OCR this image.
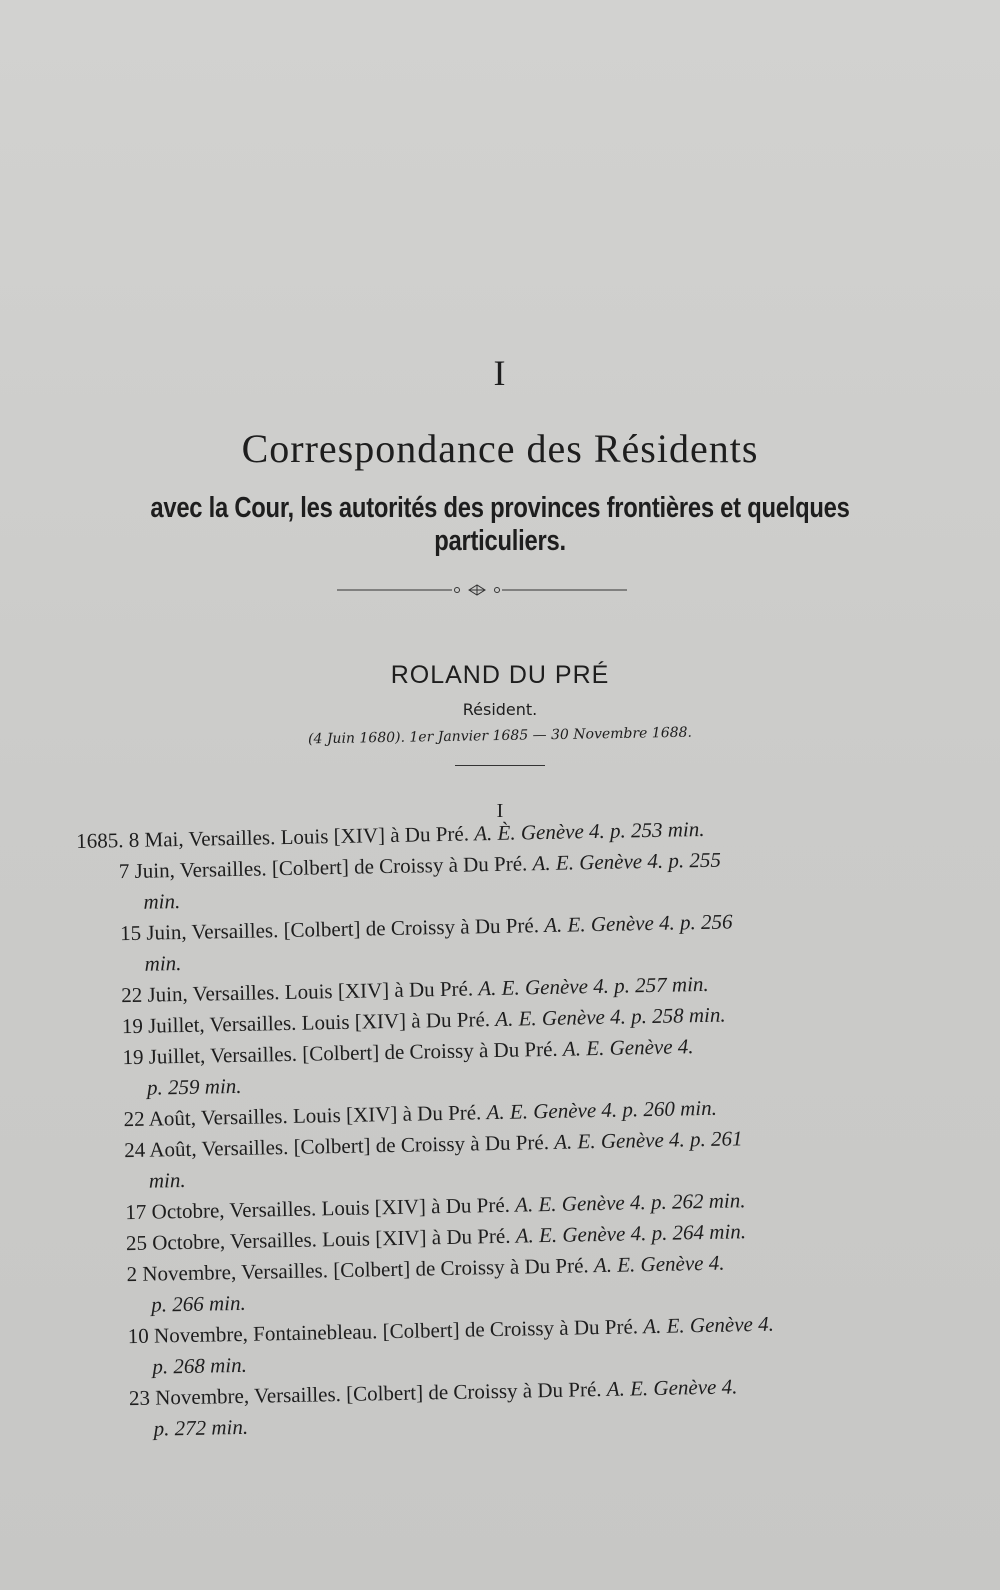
I
Correspondance des Résidents
avec la Cour, les autorités des provinces frontières et quelques particuliers.
ROLAND DU PRÉ
Résident.
(4 Juin 1680). 1er Janvier 1685 — 30 Novembre 1688.
I
1685. 8 Mai, Versailles. Louis [XIV] à Du Pré. A. È. Genève 4. p. 253 min.
7 Juin, Versailles. [Colbert] de Croissy à Du Pré. A. E. Genève 4. p. 255
min.
15 Juin, Versailles. [Colbert] de Croissy à Du Pré. A. E. Genève 4. p. 256
min.
22 Juin, Versailles. Louis [XIV] à Du Pré. A. E. Genève 4. p. 257 min.
19 Juillet, Versailles. Louis [XIV] à Du Pré. A. E. Genève 4. p. 258 min.
19 Juillet, Versailles. [Colbert] de Croissy à Du Pré. A. E. Genève 4.
p. 259 min.
22 Août, Versailles. Louis [XIV] à Du Pré. A. E. Genève 4. p. 260 min.
24 Août, Versailles. [Colbert] de Croissy à Du Pré. A. E. Genève 4. p. 261
min.
17 Octobre, Versailles. Louis [XIV] à Du Pré. A. E. Genève 4. p. 262 min.
25 Octobre, Versailles. Louis [XIV] à Du Pré. A. E. Genève 4. p. 264 min.
2 Novembre, Versailles. [Colbert] de Croissy à Du Pré. A. E. Genève 4.
p. 266 min.
10 Novembre, Fontainebleau. [Colbert] de Croissy à Du Pré. A. E. Genève 4.
p. 268 min.
23 Novembre, Versailles. [Colbert] de Croissy à Du Pré. A. E. Genève 4.
p. 272 min.
